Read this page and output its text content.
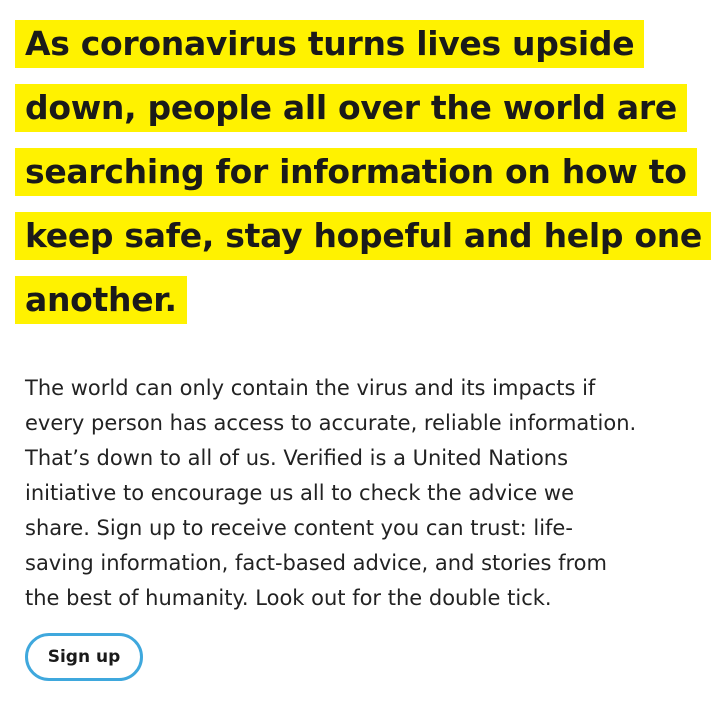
As coronavirus turns lives upside
down, people all over the world are
searching for information on how to
keep safe, stay hopeful and help one
another.

The world can only contain the virus and its impacts if
every person has access to accurate, reliable information.
That’s down to all of us. Verified is a United Nations
initiative to encourage us all to check the advice we
share. Sign up to receive content you can trust: life-
saving information, fact-based advice, and stories from
the best of humanity. Look out for the double tick.

Sign up
